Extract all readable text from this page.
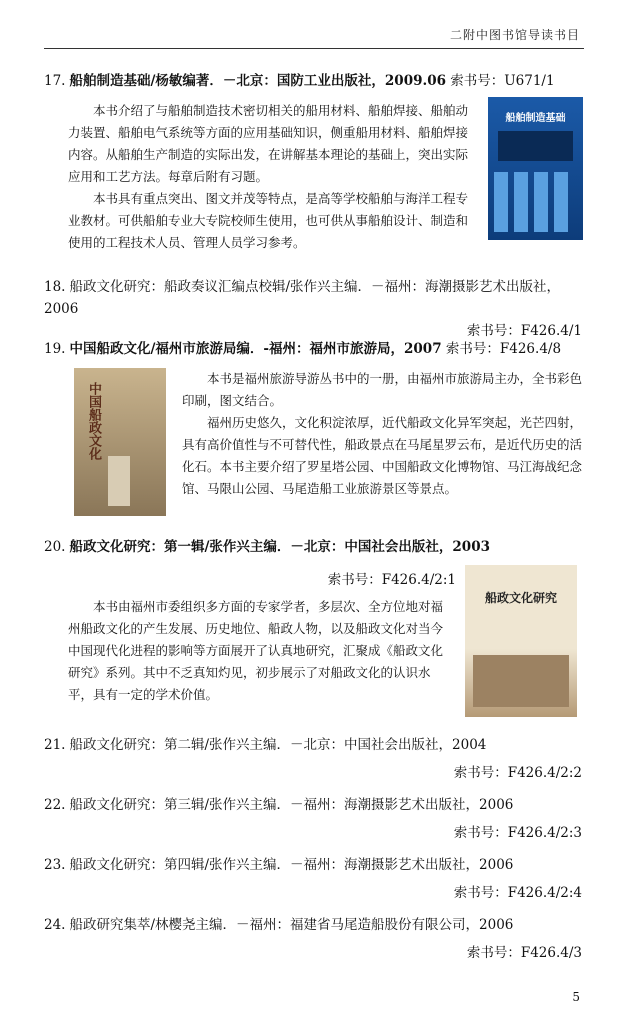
二附中图书馆导读书目
17. 船舶制造基础/杨敏编著．－北京：国防工业出版社，2009.06 索书号：U671/1

本书介绍了与船舶制造技术密切相关的船用材料、船舶焊接、船舶动力装置、船舶电气系统等方面的应用基础知识，侧重船用材料、船舶焊接内容。从船舶生产制造的实际出发，在讲解基本理论的基础上，突出实际应用和工艺方法。每章后附有习题。

本书具有重点突出、图文并茂等特点，是高等学校船舶与海洋工程专业教材。可供船舶专业大专院校师生使用，也可供从事船舶设计、制造和使用的工程技术人员、管理人员学习参考。

船舶制造基础
18. 船政文化研究：船政奏议汇编点校辑/张作兴主编．－福州：海潮摄影艺术出版社，2006
索书号：F426.4/1
19. 中国船政文化/福州市旅游局编．-福州：福州市旅游局，2007 索书号：F426.4/8
中国船政文化

本书是福州旅游导游丛书中的一册，由福州市旅游局主办，全书彩色印刷，图文结合。

福州历史悠久，文化积淀浓厚，近代船政文化异军突起，光芒四射，具有高价值性与不可替代性，船政景点在马尾星罗云布，是近代历史的活化石。本书主要介绍了罗星塔公园、中国船政文化博物馆、马江海战纪念馆、马限山公园、马尾造船工业旅游景区等景点。

20. 船政文化研究：第一辑/张作兴主编．－北京：中国社会出版社，2003
索书号：F426.4/2:1

本书由福州市委组织多方面的专家学者，多层次、全方位地对福州船政文化的产生发展、历史地位、船政人物，以及船政文化对当今中国现代化进程的影响等方面展开了认真地研究，汇聚成《船政文化研究》系列。其中不乏真知灼见，初步展示了对船政文化的认识水平，具有一定的学术价值。

船政文化研究
21. 船政文化研究：第二辑/张作兴主编．－北京：中国社会出版社，2004
索书号：F426.4/2:2
22. 船政文化研究：第三辑/张作兴主编．－福州：海潮摄影艺术出版社，2006
索书号：F426.4/2:3
23. 船政文化研究：第四辑/张作兴主编．－福州：海潮摄影艺术出版社，2006
索书号：F426.4/2:4
24. 船政研究集萃/林樱尧主编．－福州：福建省马尾造船股份有限公司，2006
索书号：F426.4/3
5
